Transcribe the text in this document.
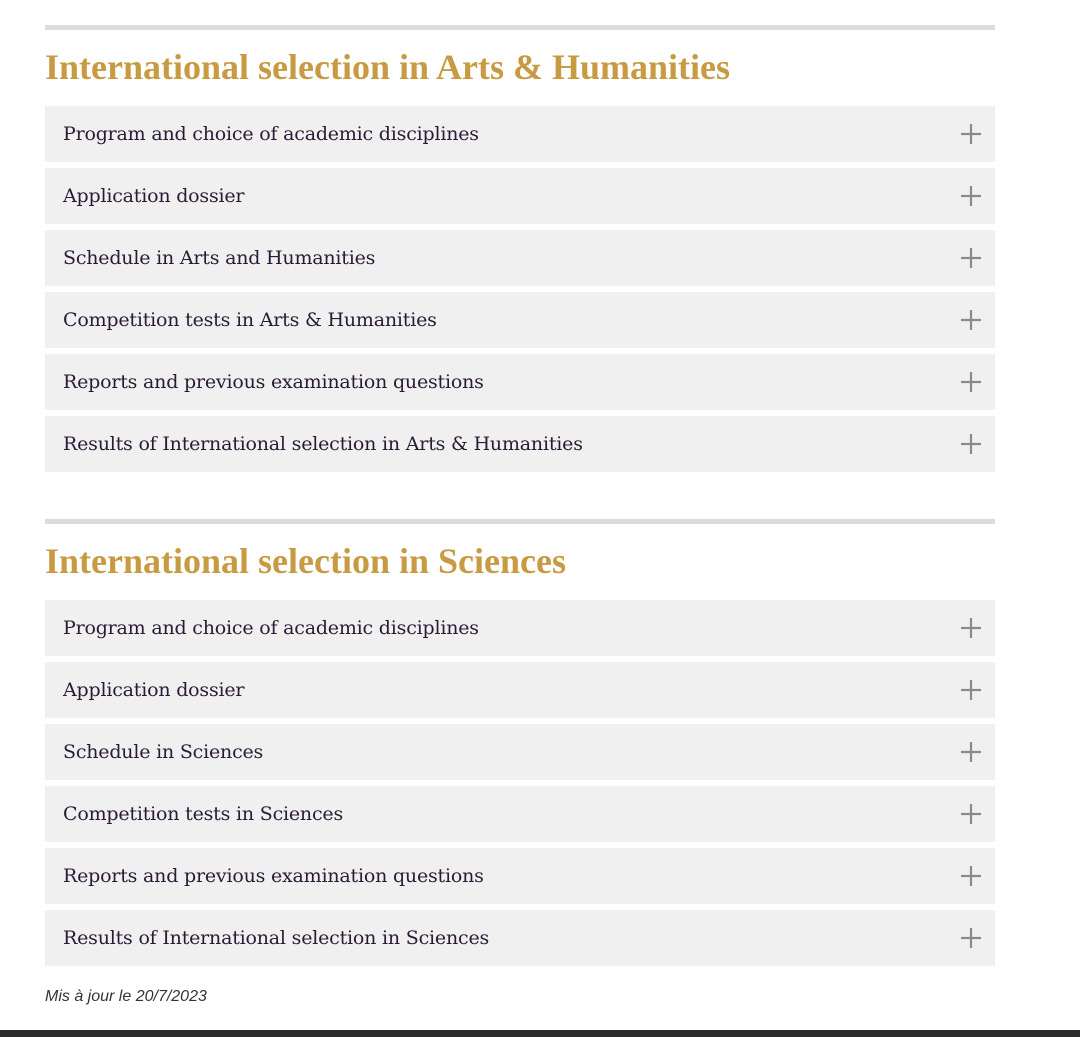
International selection in Arts & Humanities
Program and choice of academic disciplines
Application dossier
Schedule in Arts and Humanities
Competition tests in Arts & Humanities
Reports and previous examination questions
Results of International selection in Arts & Humanities
International selection in Sciences
Program and choice of academic disciplines
Application dossier
Schedule in Sciences
Competition tests in Sciences
Reports and previous examination questions
Results of International selection in Sciences
Mis à jour le 20/7/2023
